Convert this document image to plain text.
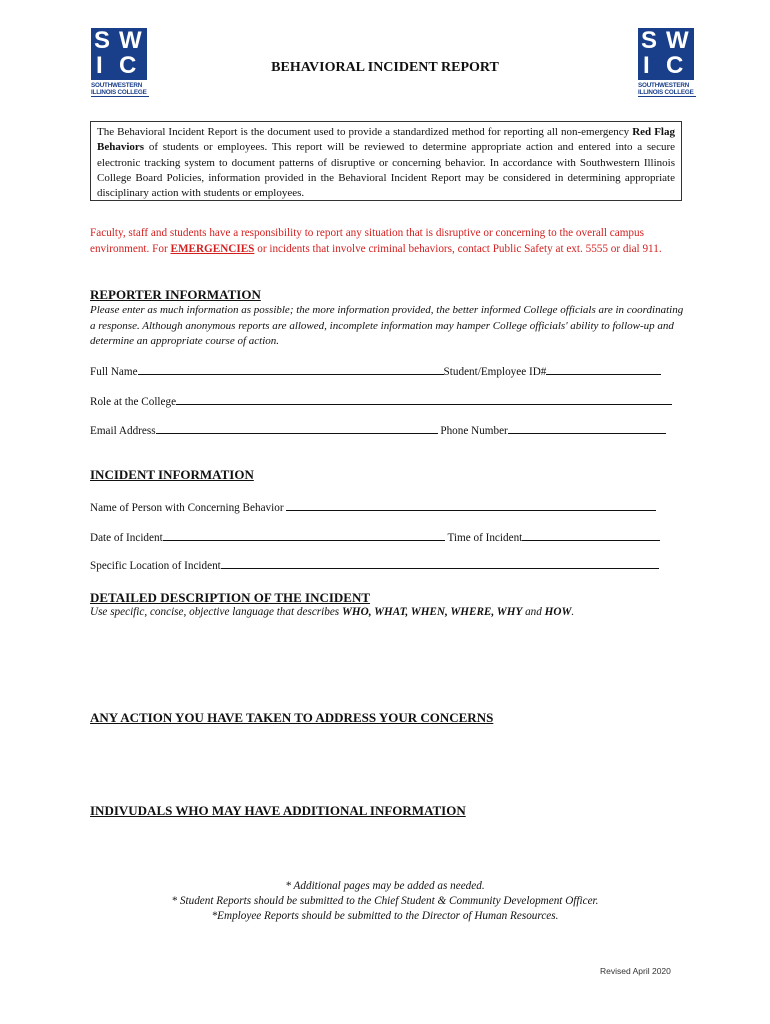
S W
I C
SOUTHWESTERN
ILLINOIS COLLEGE
S W
I C
SOUTHWESTERN
ILLINOIS COLLEGE
BEHAVIORAL INCIDENT REPORT
The Behavioral Incident Report is the document used to provide a standardized method for reporting all non-emergency Red Flag Behaviors of students or employees. This report will be reviewed to determine appropriate action and entered into a secure electronic tracking system to document patterns of disruptive or concerning behavior. In accordance with Southwestern Illinois College Board Policies, information provided in the Behavioral Incident Report may be considered in determining appropriate disciplinary action with students or employees.
Faculty, staff and students have a responsibility to report any situation that is disruptive or concerning to the overall campus environment. For EMERGENCIES or incidents that involve criminal behaviors, contact Public Safety at ext. 5555 or dial 911.
REPORTER INFORMATION
Please enter as much information as possible; the more information provided, the better informed College officials are in coordinating a response. Although anonymous reports are allowed, incomplete information may hamper College officials' ability to follow-up and determine an appropriate course of action.
Full Name	Student/Employee ID#
Role at the College
Email Address	Phone Number
INCIDENT INFORMATION
Name of Person with Concerning Behavior
Date of Incident	Time of Incident
Specific Location of Incident
DETAILED DESCRIPTION OF THE INCIDENT
Use specific, concise, objective language that describes WHO, WHAT, WHEN, WHERE, WHY and HOW.
ANY ACTION YOU HAVE TAKEN TO ADDRESS YOUR CONCERNS
INDIVUDALS WHO MAY HAVE ADDITIONAL INFORMATION
* Additional pages may be added as needed.
* Student Reports should be submitted to the Chief Student & Community Development Officer.
*Employee Reports should be submitted to the Director of Human Resources.
Revised April 2020
